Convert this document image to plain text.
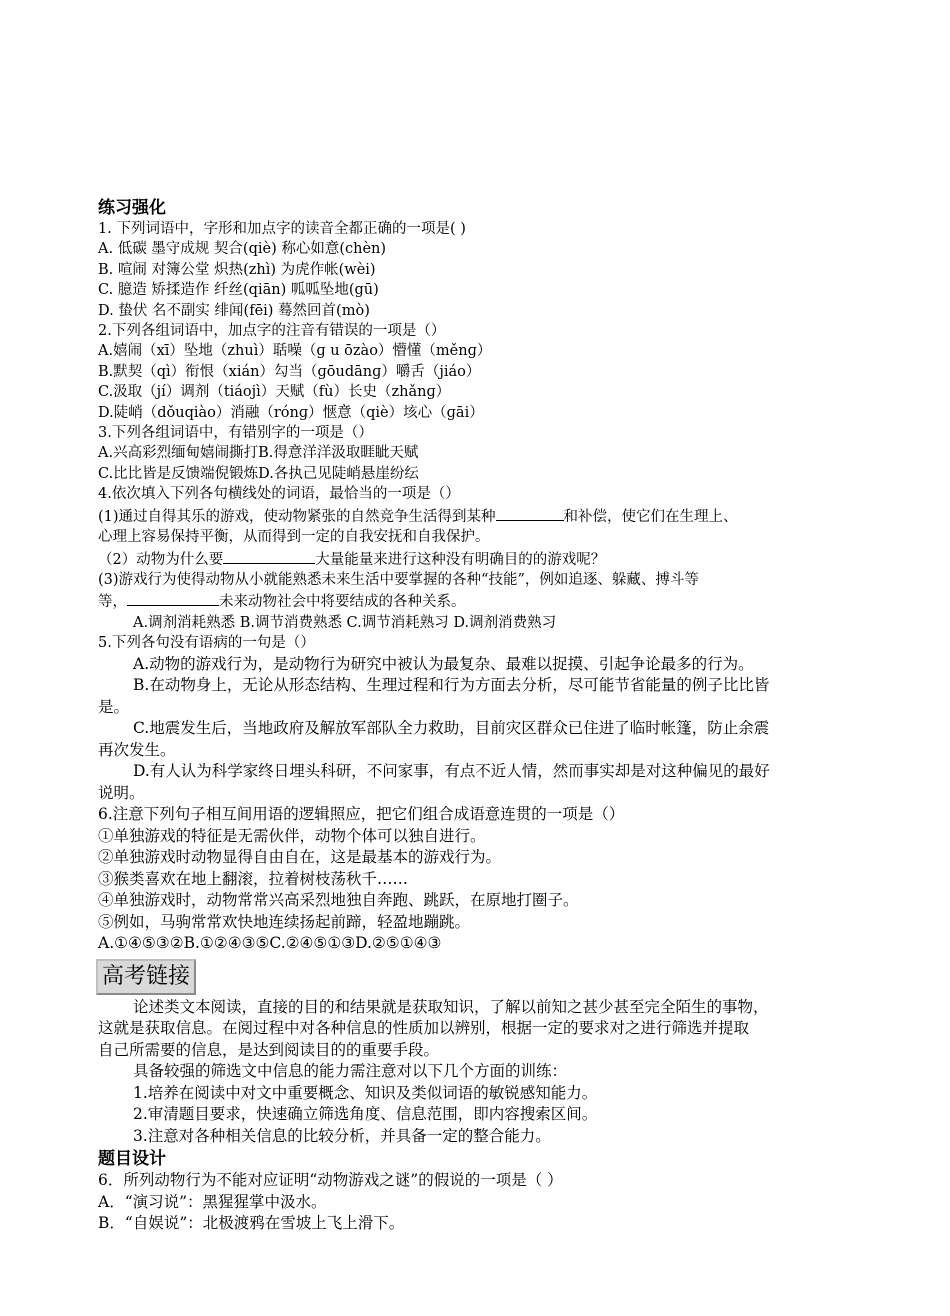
练习强化
1. 下列词语中，字形和加点字的读音全都正确的一项是( )
A. 低碳 墨守成规 契合(qiè) 称心如意(chèn)
B. 喧闹 对簿公堂 炽热(zhì) 为虎作帐(wèi)
C. 臆造 矫揉造作 纤丝(qiān) 呱呱坠地(gū)
D. 蛰伏 名不副实 绯闻(fēi) 蓦然回首(mò)
2.下列各组词语中，加点字的注音有错误的一项是（）
A.嬉闹（xī）坠地（zhuì）聒噪（ɡ u ōzào）懵懂（měnɡ）
B.默契（qì）衔恨（xián）勾当（ɡōudānɡ）嚼舌（jiáo）
C.汲取（jí）调剂（tiáojì）天赋（fù）长史（zhǎnɡ）
D.陡峭（dǒuqiào）消融（rónɡ）惬意（qiè）垓心（ɡāi）
3.下列各组词语中，有错别字的一项是（）
A.兴高彩烈缅甸嬉闹撕打B.得意洋洋汲取睚眦天赋
C.比比皆是反馈端倪锻炼D.各执己见陡峭悬崖纷纭
4.依次填入下列各句横线处的词语，最恰当的一项是（）
(1)通过自得其乐的游戏，使动物紧张的自然竞争生活得到某种	和补偿，使它们在生理上、
心理上容易保持平衡，从而得到一定的自我安抚和自我保护。
（2）动物为什么要	大量能量来进行这种没有明确目的的游戏呢？
(3)游戏行为使得动物从小就能熟悉未来生活中要掌握的各种“技能”，例如追逐、躲藏、搏斗等
等，	未来动物社会中将要结成的各种关系。
A.调剂消耗熟悉 B.调节消费熟悉 C.调节消耗熟习 D.调剂消费熟习
5.下列各句没有语病的一句是（）
A.动物的游戏行为，是动物行为研究中被认为最复杂、最难以捉摸、引起争论最多的行为。
B.在动物身上，无论从形态结构、生理过程和行为方面去分析，尽可能节省能量的例子比比皆
是。
C.地震发生后，当地政府及解放军部队全力救助，目前灾区群众已住进了临时帐篷，防止余震
再次发生。
D.有人认为科学家终日埋头科研，不问家事，有点不近人情，然而事实却是对这种偏见的最好
说明。
6.注意下列句子相互间用语的逻辑照应，把它们组合成语意连贯的一项是（）
①单独游戏的特征是无需伙伴，动物个体可以独自进行。
②单独游戏时动物显得自由自在，这是最基本的游戏行为。
③猴类喜欢在地上翻滚，拉着树枝荡秋千……
④单独游戏时，动物常常兴高采烈地独自奔跑、跳跃，在原地打圈子。
⑤例如，马驹常常欢快地连续扬起前蹄，轻盈地蹦跳。
A.①④⑤③②B.①②④③⑤C.②④⑤①③D.②⑤①④③
高考链接
论述类文本阅读，直接的目的和结果就是获取知识，了解以前知之甚少甚至完全陌生的事物，
这就是获取信息。在阅过程中对各种信息的性质加以辨别，根据一定的要求对之进行筛选并提取
自己所需要的信息，是达到阅读目的的重要手段。
具备较强的筛选文中信息的能力需注意对以下几个方面的训练：
1.培养在阅读中对文中重要概念、知识及类似词语的敏锐感知能力。
2.审清题目要求，快速确立筛选角度、信息范围，即内容搜索区间。
3.注意对各种相关信息的比较分析，并具备一定的整合能力。
题目设计
6．所列动物行为不能对应证明“动物游戏之谜”的假说的一项是（ ）
A．“演习说”：黑猩猩掌中汲水。
B．“自娱说”：北极渡鸦在雪坡上飞上滑下。
